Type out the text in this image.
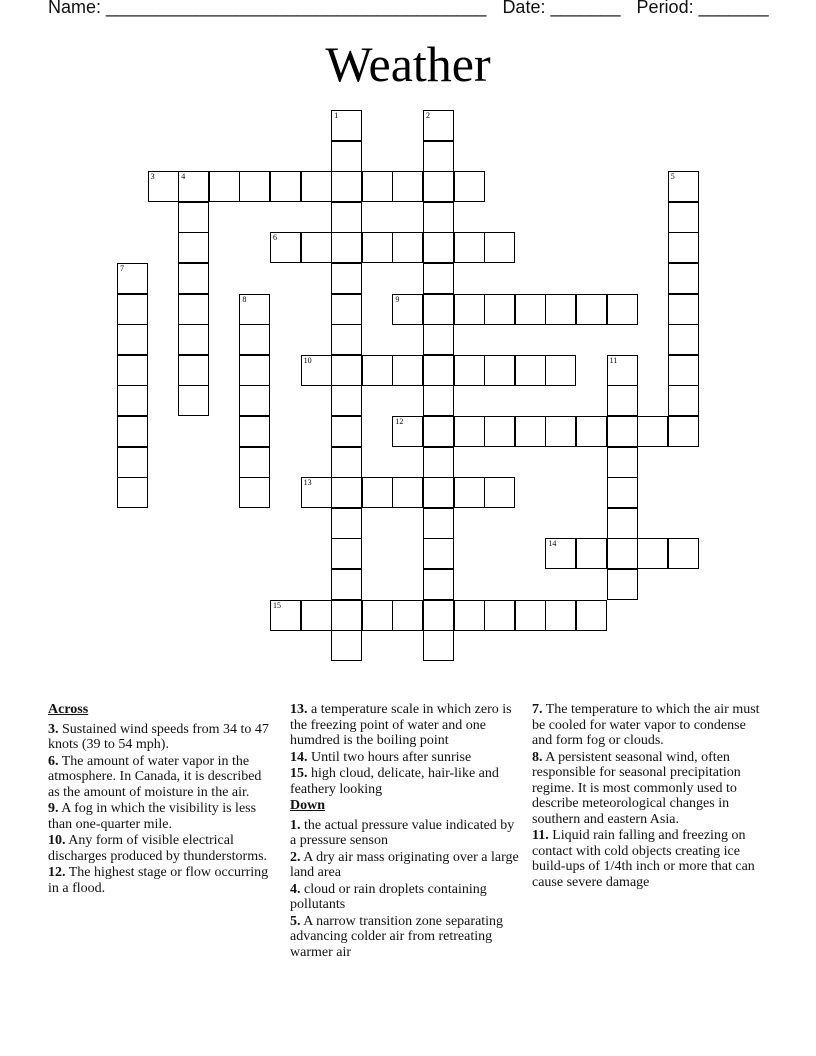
Name: ______________________________________ Date: _______ Period: _______
Weather
1	2
3	4	5
6
7
8	9
10	11
12
13
14
15
Across
3. Sustained wind speeds from 34 to 47 knots (39 to 54 mph).
6. The amount of water vapor in the atmosphere. In Canada, it is described as the amount of moisture in the air.
9. A fog in which the visibility is less than one-quarter mile.
10. Any form of visible electrical discharges produced by thunderstorms.
12. The highest stage or flow occurring in a flood.
13. a temperature scale in which zero is the freezing point of water and one humdred is the boiling point
14. Until two hours after sunrise
15. high cloud, delicate, hair-like and feathery looking
Down
1. the actual pressure value indicated by a pressure senson
2. A dry air mass originating over a large land area
4. cloud or rain droplets containing pollutants
5. A narrow transition zone separating advancing colder air from retreating warmer air
7. The temperature to which the air must be cooled for water vapor to condense and form fog or clouds.
8. A persistent seasonal wind, often responsible for seasonal precipitation regime. It is most commonly used to describe meteorological changes in southern and eastern Asia.
11. Liquid rain falling and freezing on contact with cold objects creating ice build-ups of 1/4th inch or more that can cause severe damage
